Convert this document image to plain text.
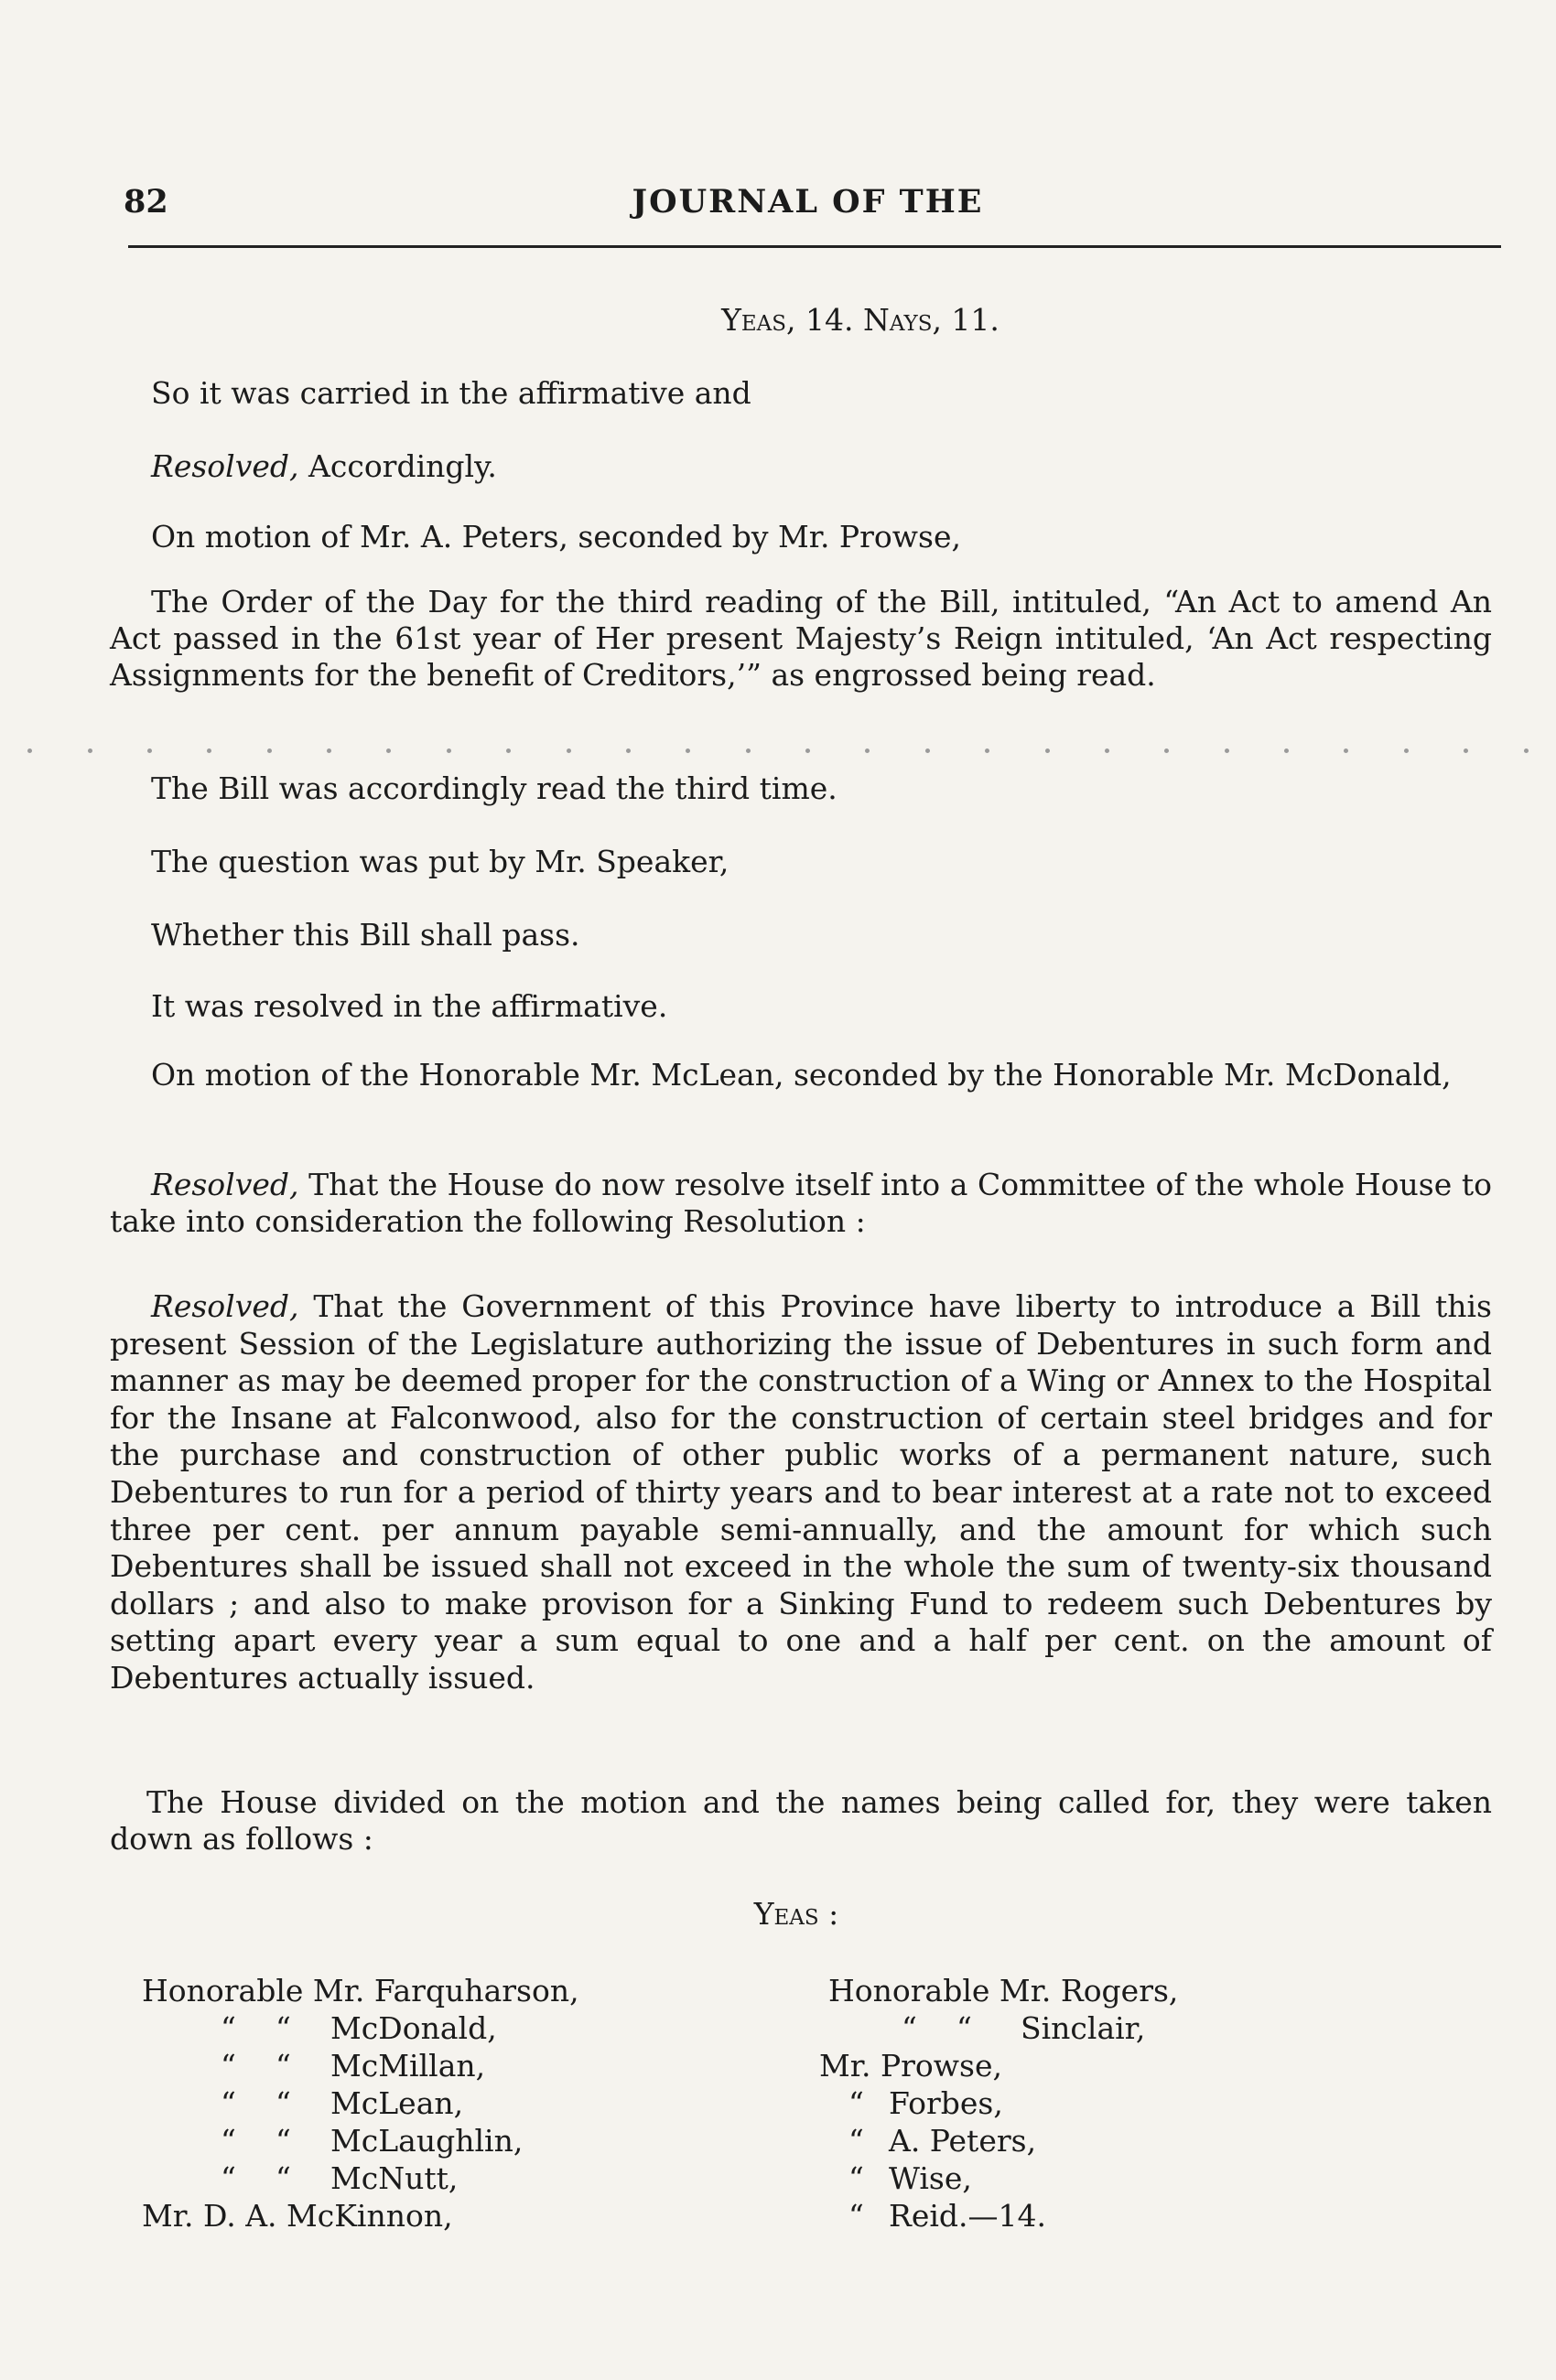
82	JOURNAL OF THE

Yeas, 14. Nays, 11.

So it was carried in the affirmative and

Resolved, Accordingly.

On motion of Mr. A. Peters, seconded by Mr. Prowse,

The Order of the Day for the third reading of the Bill, intituled, “An Act to amend An Act passed in the 61st year of Her present Majesty’s Reign intituled, ‘An Act respecting Assignments for the benefit of Creditors,’” as engrossed being read.

The Bill was accordingly read the third time.

The question was put by Mr. Speaker,

Whether this Bill shall pass.

It was resolved in the affirmative.

On motion of the Honorable Mr. McLean, seconded by the Honorable Mr. McDonald,

Resolved, That the House do now resolve itself into a Committee of the whole House to take into consideration the following Resolution :

Resolved, That the Government of this Province have liberty to introduce a Bill this present Session of the Legislature authorizing the issue of Debentures in such form and manner as may be deemed proper for the construction of a Wing or Annex to the Hospital for the Insane at Falconwood, also for the construction of certain steel bridges and for the purchase and construction of other public works of a permanent nature, such Debentures to run for a period of thirty years and to bear interest at a rate not to exceed three per cent. per annum payable semi-annually, and the amount for which such Debentures shall be issued shall not exceed in the whole the sum of twenty-six thousand dollars ; and also to make provison for a Sinking Fund to redeem such Debentures by setting apart every year a sum equal to one and a half per cent. on the amount of Debentures actually issued.

The House divided on the motion and the names being called for, they were taken down as follows :

Yeas :

Honorable Mr. Farquharson,
“ “ McDonald,
“ “ McMillan,
“ “ McLean,
“ “ McLaughlin,
“ “ McNutt,
Mr. D. A. McKinnon,
Honorable Mr. Rogers,
“ “ Sinclair,
Mr. Prowse,
“ Forbes,
“ A. Peters,
“ Wise,
“ Reid.—14.
